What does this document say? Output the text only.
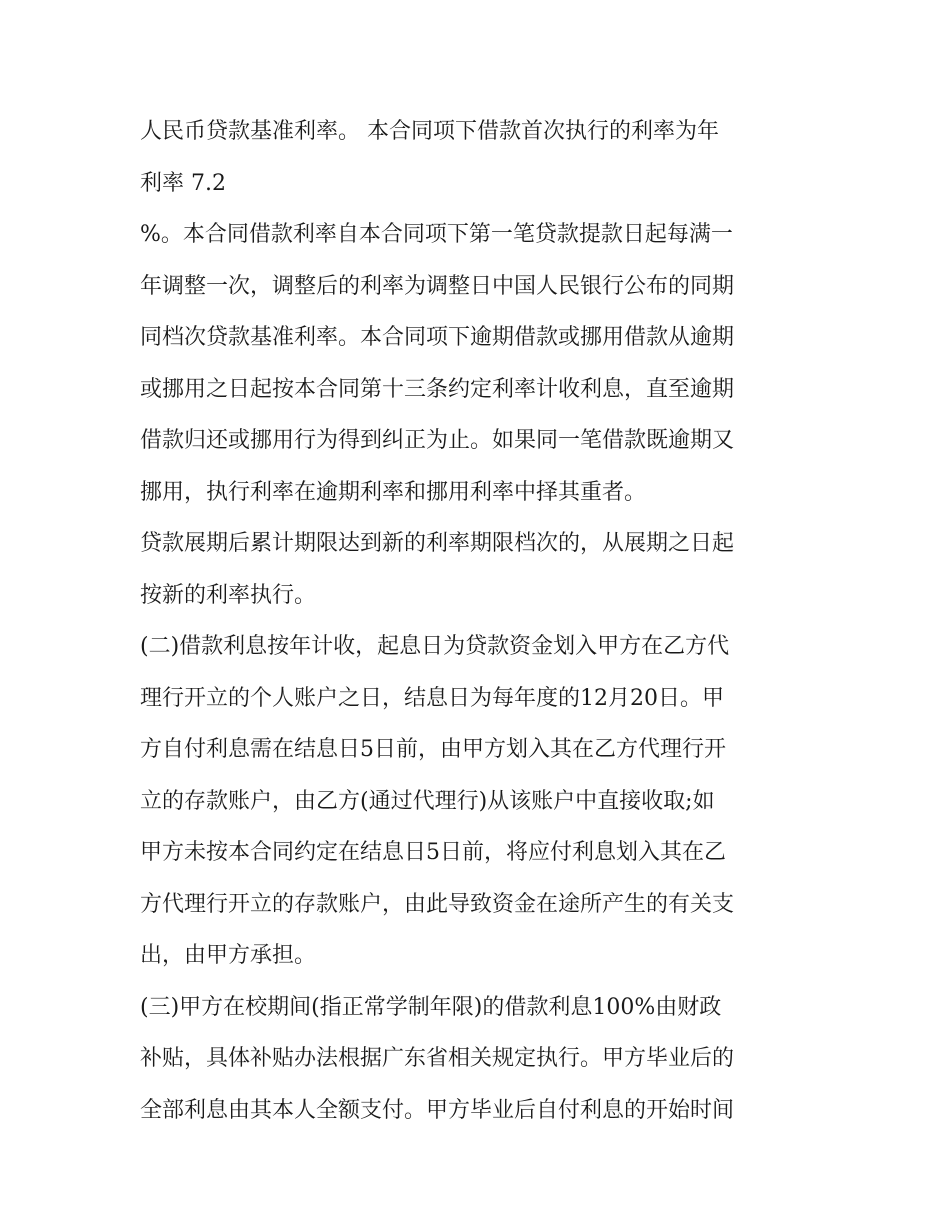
人民币贷款基准利率。 本合同项下借款首次执行的利率为年
利率 7.2
%。本合同借款利率自本合同项下第一笔贷款提款日起每满一
年调整一次，调整后的利率为调整日中国人民银行公布的同期
同档次贷款基准利率。本合同项下逾期借款或挪用借款从逾期
或挪用之日起按本合同第十三条约定利率计收利息，直至逾期
借款归还或挪用行为得到纠正为止。如果同一笔借款既逾期又
挪用，执行利率在逾期利率和挪用利率中择其重者。
贷款展期后累计期限达到新的利率期限档次的，从展期之日起
按新的利率执行。
(二)借款利息按年计收，起息日为贷款资金划入甲方在乙方代
理行开立的个人账户之日，结息日为每年度的12月20日。甲
方自付利息需在结息日5日前，由甲方划入其在乙方代理行开
立的存款账户，由乙方(通过代理行)从该账户中直接收取;如
甲方未按本合同约定在结息日5日前，将应付利息划入其在乙
方代理行开立的存款账户，由此导致资金在途所产生的有关支
出，由甲方承担。
(三)甲方在校期间(指正常学制年限)的借款利息100%由财政
补贴，具体补贴办法根据广东省相关规定执行。甲方毕业后的
全部利息由其本人全额支付。甲方毕业后自付利息的开始时间
